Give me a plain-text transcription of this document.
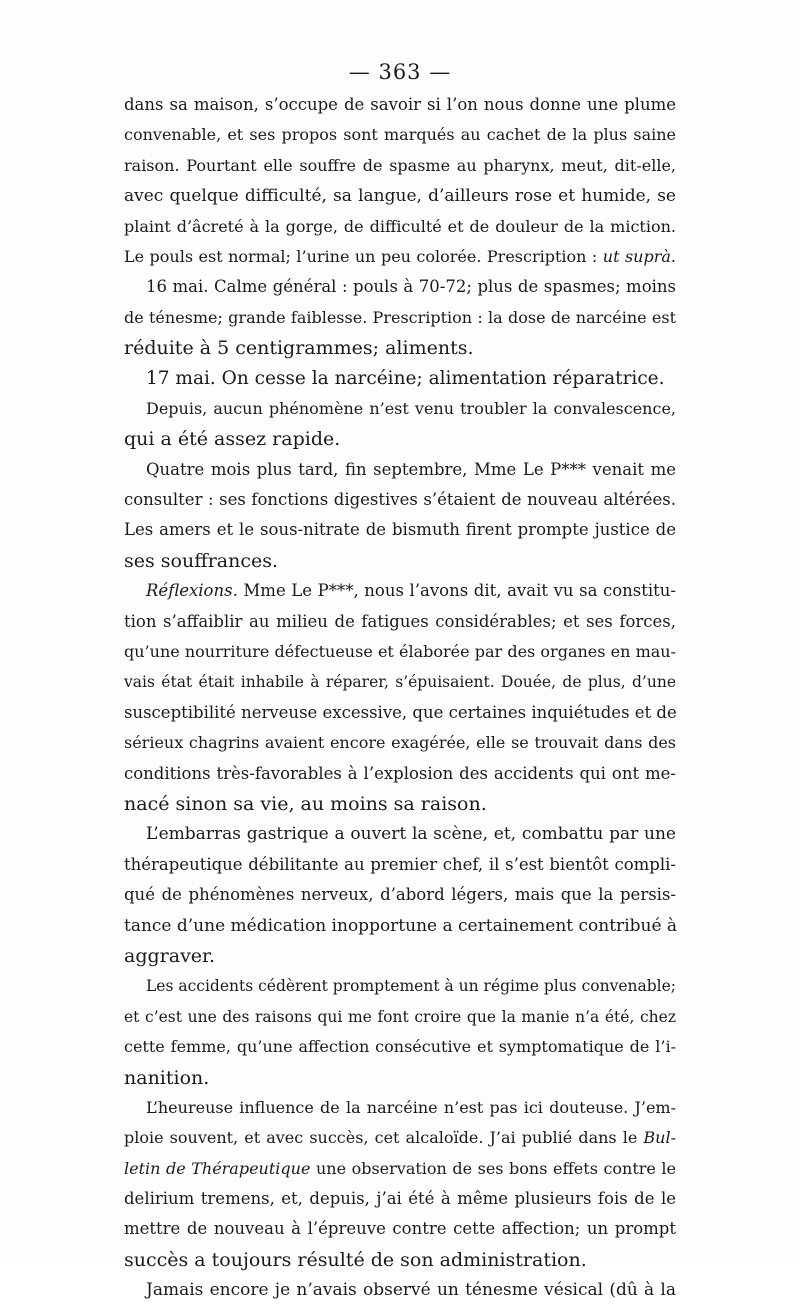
— 363 —
dans sa maison, s’occupe de savoir si l’on nous donne une plume
convenable, et ses propos sont marqués au cachet de la plus saine
raison. Pourtant elle souffre de spasme au pharynx, meut, dit-elle,
avec quelque difficulté, sa langue, d’ailleurs rose et humide, se
plaint d’âcreté à la gorge, de difficulté et de douleur de la miction.
Le pouls est normal; l’urine un peu colorée. Prescription : ut suprà.
16 mai. Calme général : pouls à 70-72; plus de spasmes; moins
de ténesme; grande faiblesse. Prescription : la dose de narcéine est
réduite à 5 centigrammes; aliments.
17 mai. On cesse la narcéine; alimentation réparatrice.
Depuis, aucun phénomène n’est venu troubler la convalescence,
qui a été assez rapide.
Quatre mois plus tard, fin septembre, Mme Le P*** venait me
consulter : ses fonctions digestives s’étaient de nouveau altérées.
Les amers et le sous-nitrate de bismuth firent prompte justice de
ses souffrances.
Réflexions. Mme Le P***, nous l’avons dit, avait vu sa constitu-
tion s’affaiblir au milieu de fatigues considérables; et ses forces,
qu’une nourriture défectueuse et élaborée par des organes en mau-
vais état était inhabile à réparer, s’épuisaient. Douée, de plus, d’une
susceptibilité nerveuse excessive, que certaines inquiétudes et de
sérieux chagrins avaient encore exagérée, elle se trouvait dans des
conditions très-favorables à l’explosion des accidents qui ont me-
nacé sinon sa vie, au moins sa raison.
L’embarras gastrique a ouvert la scène, et, combattu par une
thérapeutique débilitante au premier chef, il s’est bientôt compli-
qué de phénomènes nerveux, d’abord légers, mais que la persis-
tance d’une médication inopportune a certainement contribué à
aggraver.
Les accidents cédèrent promptement à un régime plus convenable;
et c’est une des raisons qui me font croire que la manie n’a été, chez
cette femme, qu’une affection consécutive et symptomatique de l’i-
nanition.
L’heureuse influence de la narcéine n’est pas ici douteuse. J’em-
ploie souvent, et avec succès, cet alcaloïde. J’ai publié dans le Bul-
letin de Thérapeutique une observation de ses bons effets contre le
delirium tremens, et, depuis, j’ai été à même plusieurs fois de le
mettre de nouveau à l’épreuve contre cette affection; un prompt
succès a toujours résulté de son administration.
Jamais encore je n’avais observé un ténesme vésical (dû à la
